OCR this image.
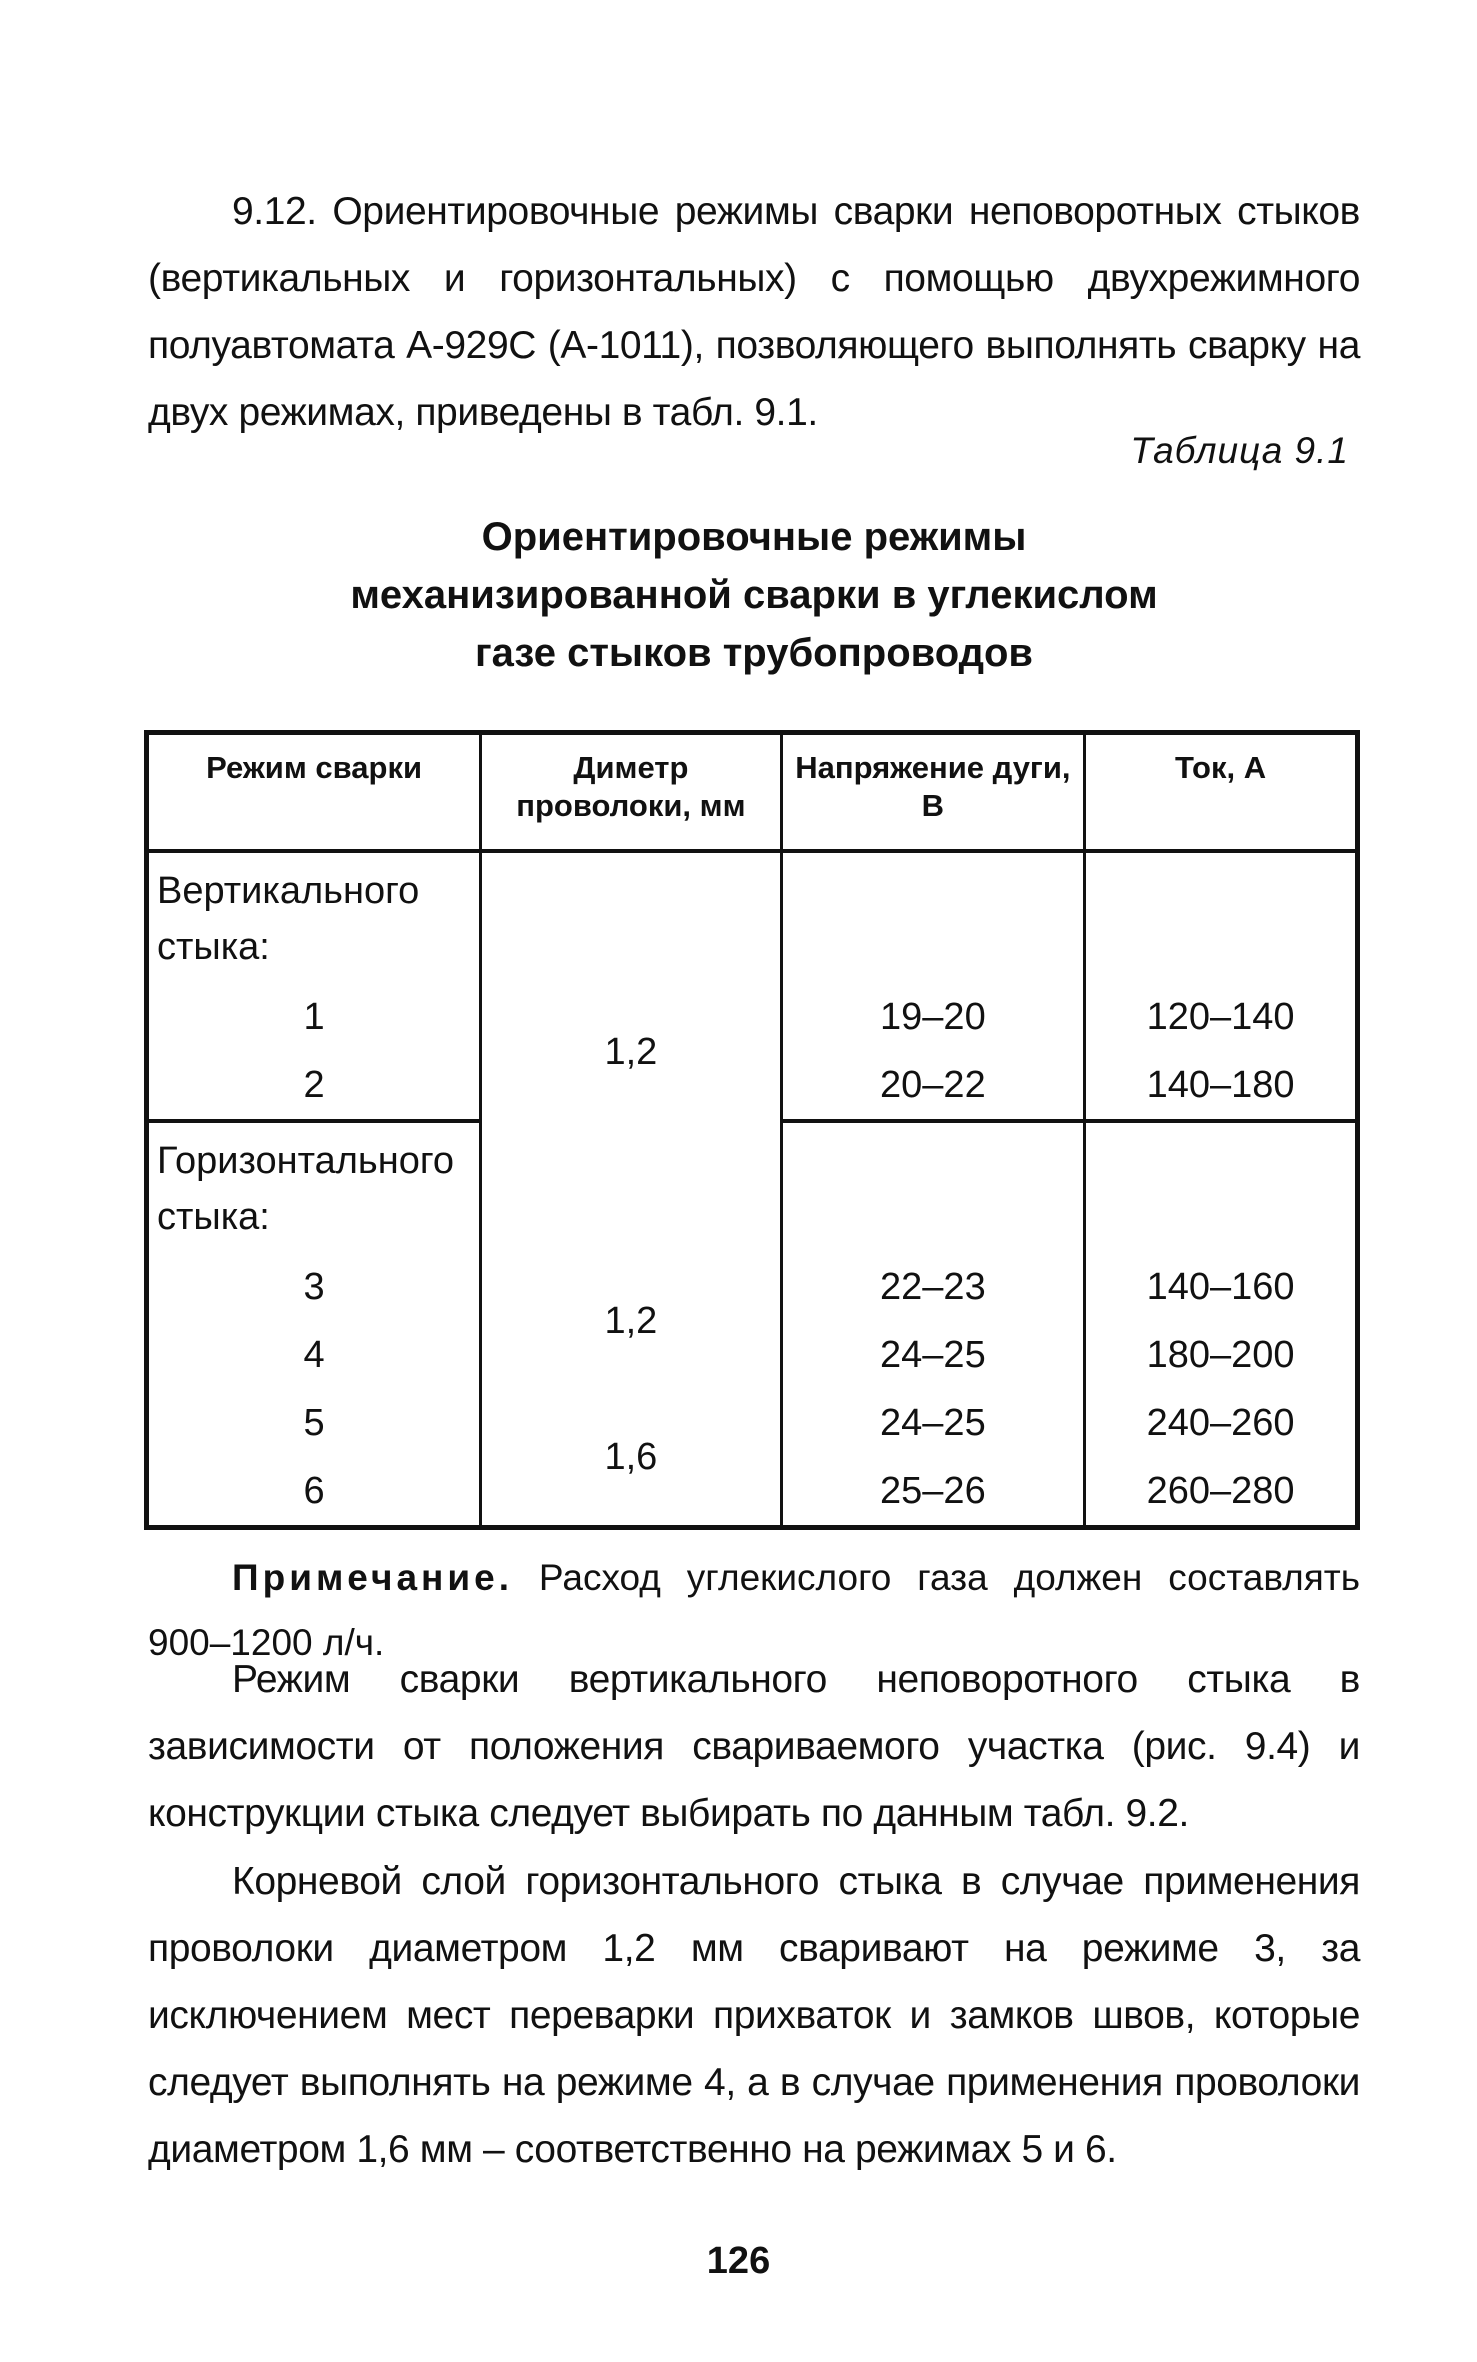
9.12. Ориентировочные режимы сварки неповоротных стыков (вертикальных и горизонтальных) с помощью двухрежимного полуавтомата А-929С (А-1011), позволяющего выполнять сварку на двух режимах, приведены в табл. 9.1.

Таблица 9.1
Ориентировочные режимы
механизированной сварки в углекислом
газе стыков трубопроводов
Режим сварки	Диметр проволоки, мм	Напряжение дуги, В	Ток, А
Вертикального стыка:			
1	1,2	19–20	120–140
2		20–22	140–180
Горизонтального стыка:			
3	1,2	22–23	140–160
4		24–25	180–200
5	1,6	24–25	240–260
6		25–26	260–280

Примечание. Расход углекислого газа должен составлять 900–1200 л/ч.

Режим сварки вертикального неповоротного стыка в зависимости от положения свариваемого участка (рис. 9.4) и конструкции стыка следует выбирать по данным табл. 9.2.

Корневой слой горизонтального стыка в случае применения проволоки диаметром 1,2 мм сваривают на режиме 3, за исключением мест переварки прихваток и замков швов, которые следует выполнять на режиме 4, а в случае применения проволоки диаметром 1,6 мм – соответственно на режимах 5 и 6.

126
